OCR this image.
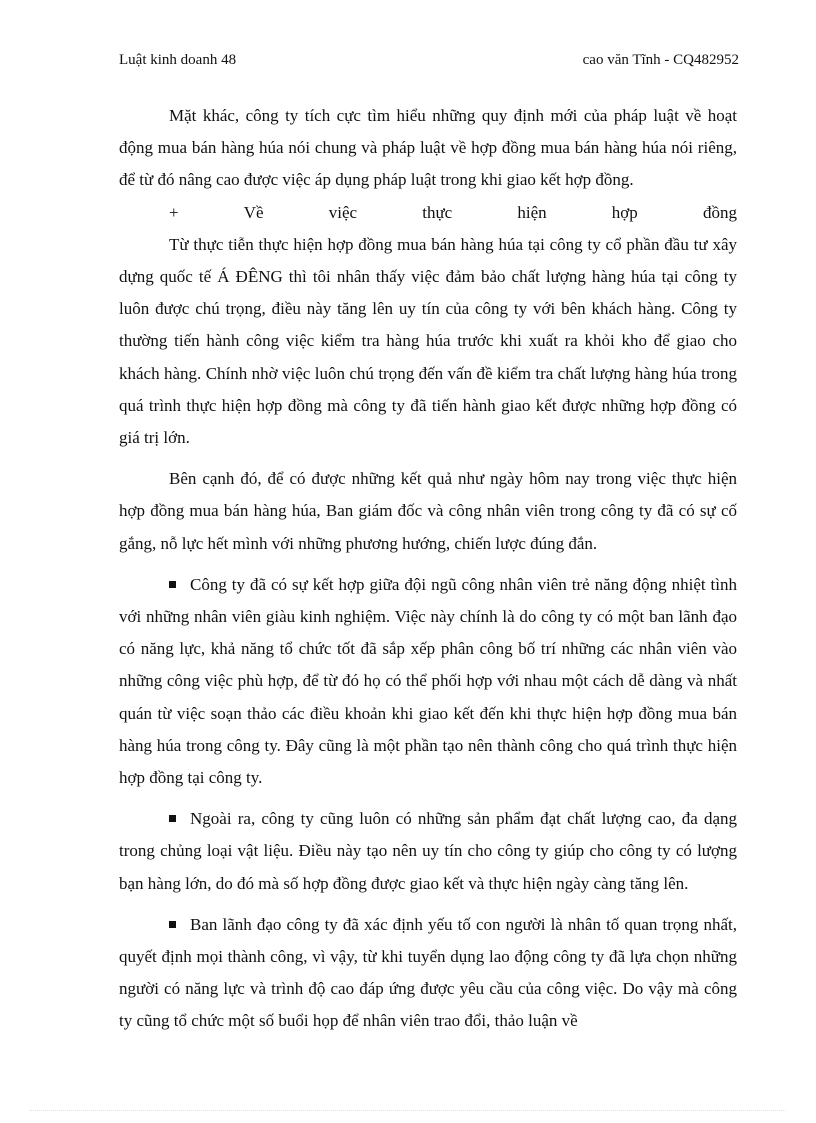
Luật kinh doanh 48	cao văn Tĩnh - CQ482952

Mặt khác, công ty tích cực tìm hiểu những quy định mới của pháp luật về hoạt động mua bán hàng húa nói chung và pháp luật về hợp đồng mua bán hàng húa nói riêng, để từ đó nâng cao được việc áp dụng pháp luật trong khi giao kết hợp đồng.

+	Về	việc	thực	hiện	hợp	đồng

Từ thực tiễn thực hiện hợp đồng mua bán hàng húa tại công ty cổ phần đầu tư xây dựng quốc tế Á ĐÊNG thì tôi nhân thấy việc đảm bảo chất lượng hàng húa tại công ty luôn được chú trọng, điều này tăng lên uy tín của công ty với bên khách hàng. Công ty thường tiến hành công việc kiểm tra hàng húa trước khi xuất ra khỏi kho để giao cho khách hàng. Chính nhờ việc luôn chú trọng đến vấn đề kiểm tra chất lượng hàng húa trong quá trình thực hiện hợp đồng mà công ty đã tiến hành giao kết được những hợp đồng có giá trị lớn.

Bên cạnh đó, để có được những kết quả như ngày hôm nay trong việc thực hiện hợp đồng mua bán hàng húa, Ban giám đốc và công nhân viên trong công ty đã có sự cố gắng, nỗ lực hết mình với những phương hướng, chiến lược đúng đắn.

Công ty đã có sự kết hợp giữa đội ngũ công nhân viên trẻ năng động nhiệt tình với những nhân viên giàu kinh nghiệm. Việc này chính là do công ty có một ban lãnh đạo có năng lực, khả năng tổ chức tốt đã sắp xếp phân công bố trí những các nhân viên vào những công việc phù hợp, để từ đó họ có thể phối hợp với nhau một cách dễ dàng và nhất quán từ việc soạn thảo các điều khoản khi giao kết đến khi thực hiện hợp đồng mua bán hàng húa trong công ty. Đây cũng là một phần tạo nên thành công cho quá trình thực hiện hợp đồng tại công ty.

Ngoài ra, công ty cũng luôn có những sản phẩm đạt chất lượng cao, đa dạng trong chủng loại vật liệu. Điều này tạo nên uy tín cho công ty giúp cho công ty có lượng bạn hàng lớn, do đó mà số hợp đồng được giao kết và thực hiện ngày càng tăng lên.

Ban lãnh đạo công ty đã xác định yếu tố con người là nhân tố quan trọng nhất, quyết định mọi thành công, vì vậy, từ khi tuyển dụng lao động công ty đã lựa chọn những người có năng lực và trình độ cao đáp ứng được yêu cầu của công việc. Do vậy mà công ty cũng tổ chức một số buổi họp để nhân viên trao đổi, thảo luận về
